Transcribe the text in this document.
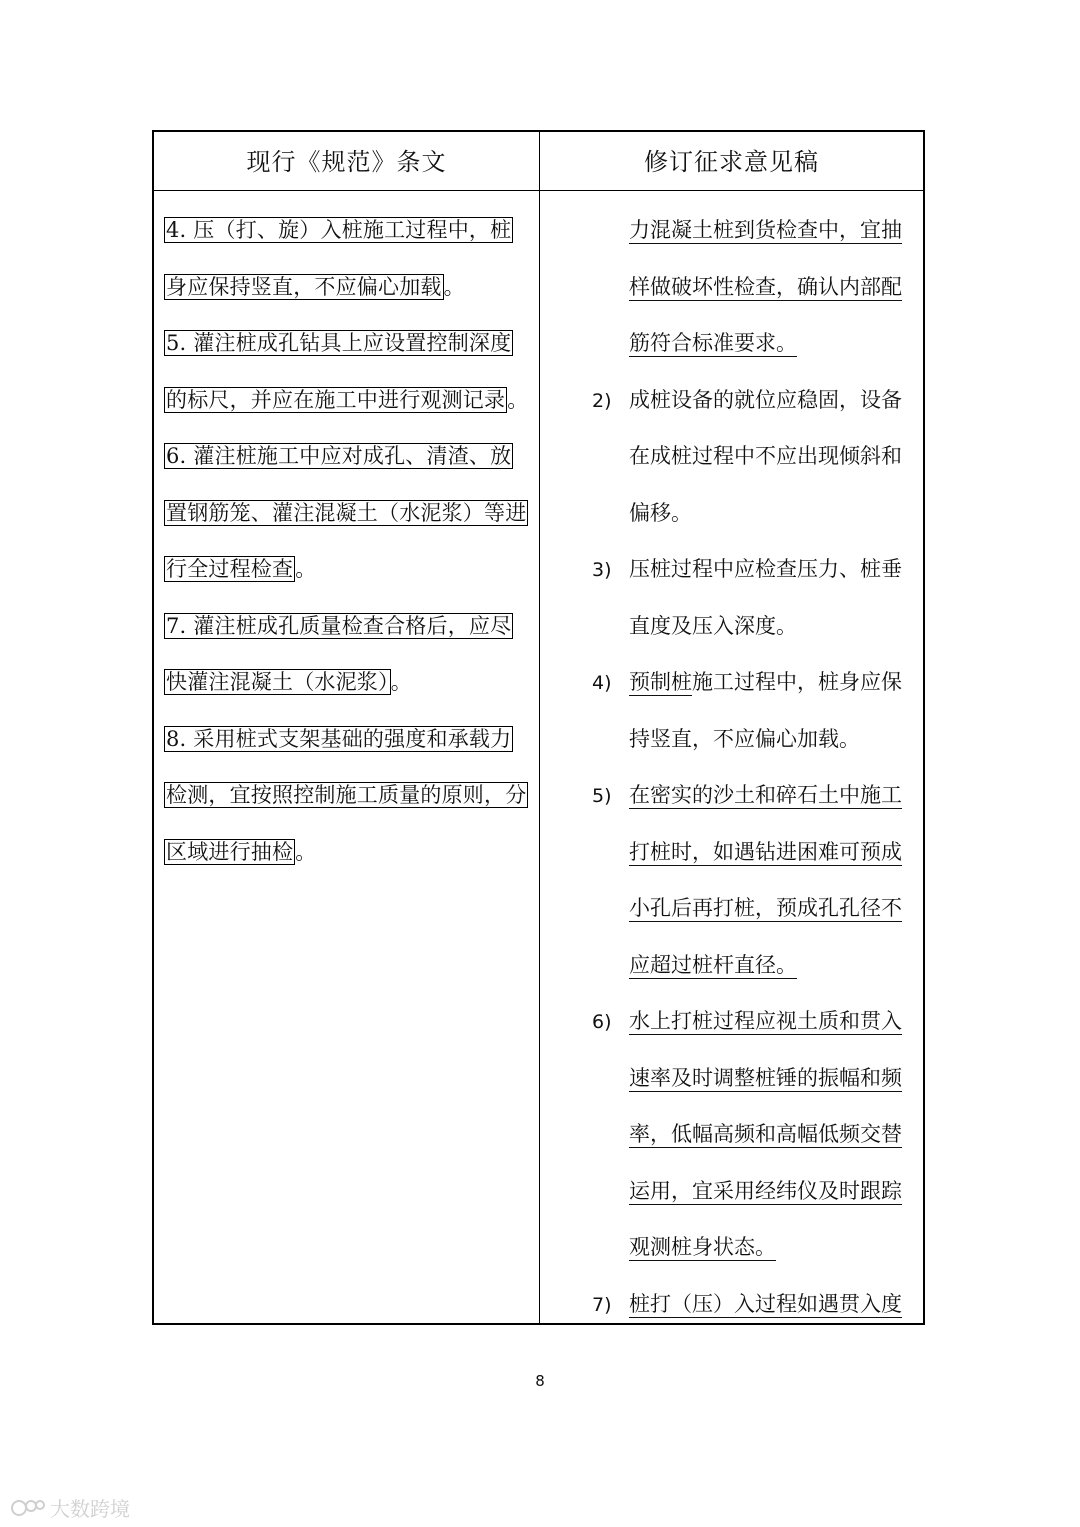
现行《规范》条文	修订征求意见稿
4. 压（打、旋）入桩施工过程中，桩
身应保持竖直，不应偏心加载。
5. 灌注桩成孔钻具上应设置控制深度
的标尺，并应在施工中进行观测记录。
6. 灌注桩施工中应对成孔、清渣、放
置钢筋笼、灌注混凝土（水泥浆）等进
行全过程检查。
7. 灌注桩成孔质量检查合格后，应尽
快灌注混凝土（水泥浆）。
8. 采用桩式支架基础的强度和承载力
检测，宜按照控制施工质量的原则，分
区域进行抽检。
力混凝土桩到货检查中，宜抽
样做破坏性检查，确认内部配
筋符合标准要求。
2) 成桩设备的就位应稳固，设备
在成桩过程中不应出现倾斜和
偏移。
3) 压桩过程中应检查压力、桩垂
直度及压入深度。
4) 预制桩施工过程中，桩身应保
持竖直，不应偏心加载。
5) 在密实的沙土和碎石土中施工
打桩时，如遇钻进困难可预成
小孔后再打桩，预成孔孔径不
应超过桩杆直径。
6) 水上打桩过程应视土质和贯入
速率及时调整桩锤的振幅和频
率，低幅高频和高幅低频交替
运用，宜采用经纬仪及时跟踪
观测桩身状态。
7) 桩打（压）入过程如遇贯入度
8
大数跨境
